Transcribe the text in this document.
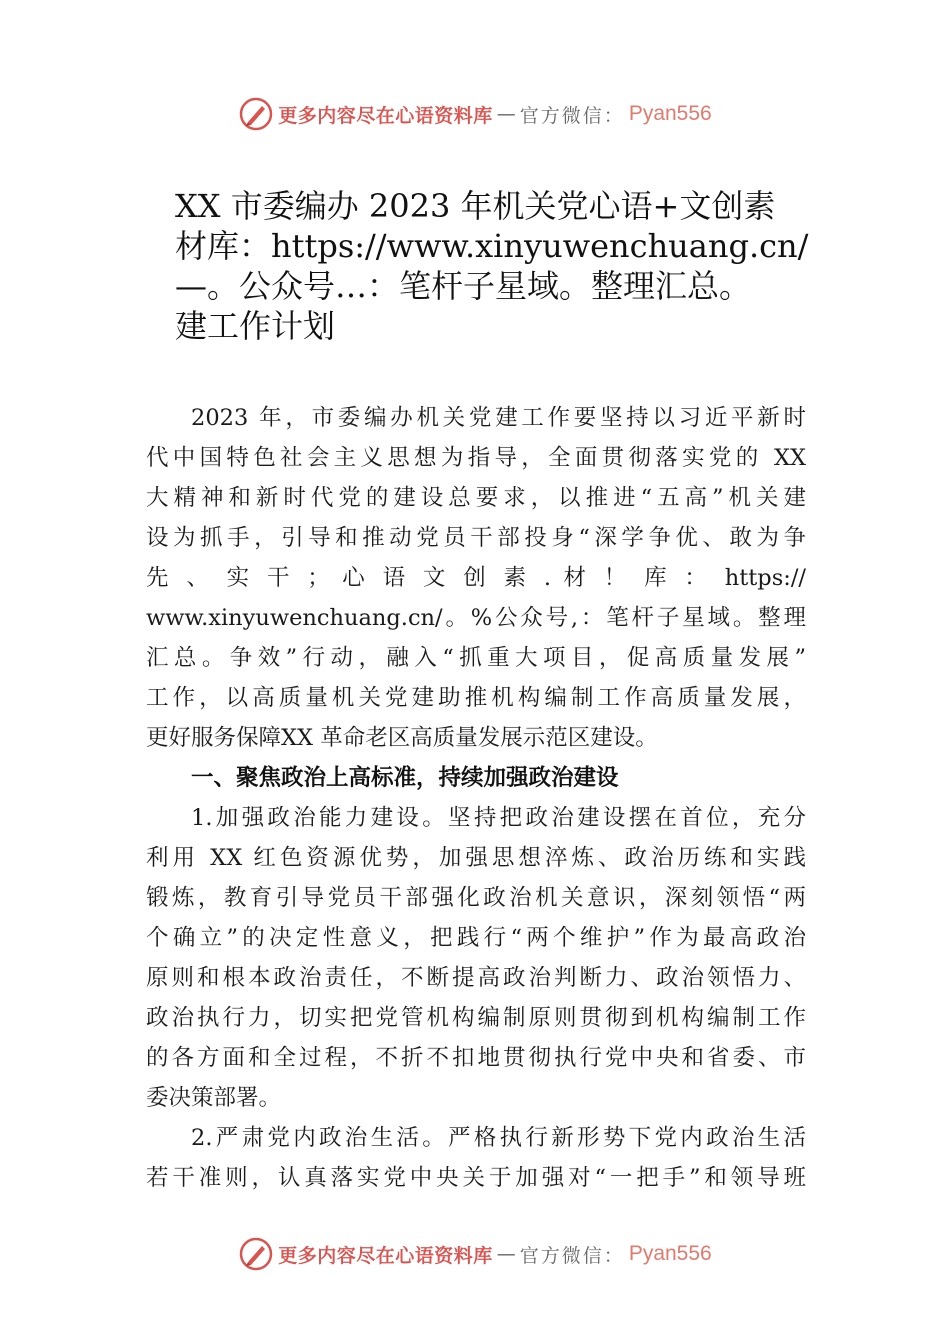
更多内容尽在心语资料库 — 官方微信： Pyan556
XX 市委编办 2023 年机关党心语+文创素
材库：https://www.xinyuwenchuang.cn/
—。公众号…：笔杆子星域。整理汇总。
建工作计划

2023 年，市委编办机关党建工作要坚持以习近平新时
代中国特色社会主义思想为指导，全面贯彻落实党的 XX
大精神和新时代党的建设总要求，以推进“五高”机关建
设为抓手，引导和推动党员干部投身“深学争优、敢为争
先 、 实 干 ； 心 语 文 创 素 . 材 ！ 库 ： https://
www.xinyuwenchuang.cn/。%公众号,：笔杆子星域。整理
汇总。争效”行动，融入“抓重大项目，促高质量发展”
工作，以高质量机关党建助推机构编制工作高质量发展，
更好服务保障XX 革命老区高质量发展示范区建设。

一、聚焦政治上高标准，持续加强政治建设

1.加强政治能力建设。坚持把政治建设摆在首位，充分
利用 XX 红色资源优势，加强思想淬炼、政治历练和实践
锻炼，教育引导党员干部强化政治机关意识，深刻领悟“两
个确立”的决定性意义，把践行“两个维护”作为最高政治
原则和根本政治责任，不断提高政治判断力、政治领悟力、
政治执行力，切实把党管机构编制原则贯彻到机构编制工作
的各方面和全过程，不折不扣地贯彻执行党中央和省委、市
委决策部署。

2.严肃党内政治生活。严格执行新形势下党内政治生活
若干准则，认真落实党中央关于加强对“一把手”和领导班

更多内容尽在心语资料库 — 官方微信： Pyan556
